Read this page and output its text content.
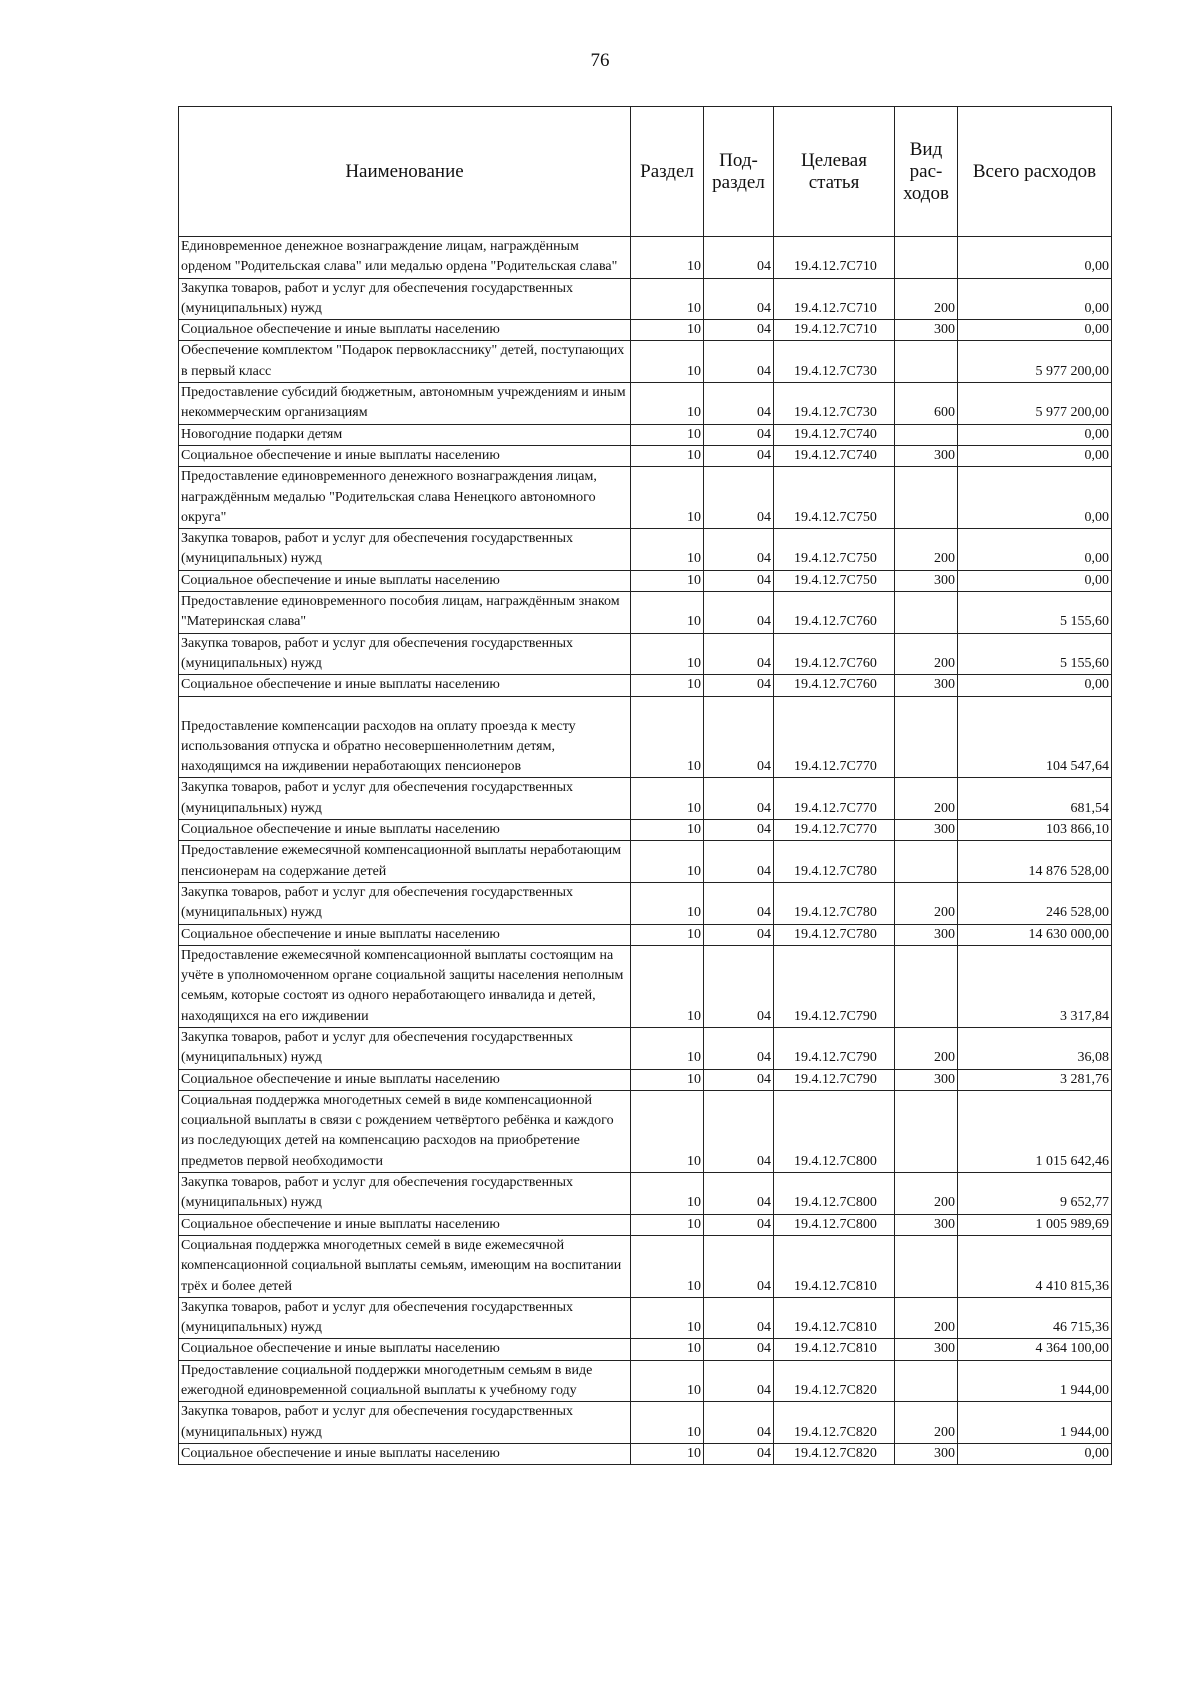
76
Наименование	Раздел	Под-раздел	Целевая статья	Вид рас-ходов	Всего расходов
Единовременное денежное вознаграждение лицам, награждённым орденом "Родительская слава" или медалью ордена "Родительская слава"	10	04	19.4.12.7С710		0,00
Закупка товаров, работ и услуг для обеспечения государственных (муниципальных) нужд	10	04	19.4.12.7С710	200	0,00
Социальное обеспечение и иные выплаты населению	10	04	19.4.12.7С710	300	0,00
Обеспечение комплектом "Подарок первокласснику" детей, поступающих в первый класс	10	04	19.4.12.7С730		5 977 200,00
Предоставление субсидий бюджетным, автономным учреждениям и иным некоммерческим организациям	10	04	19.4.12.7С730	600	5 977 200,00
Новогодние подарки детям	10	04	19.4.12.7С740		0,00
Социальное обеспечение и иные выплаты населению	10	04	19.4.12.7С740	300	0,00
Предоставление единовременного денежного вознаграждения лицам, награждённым медалью "Родительская слава Ненецкого автономного округа"	10	04	19.4.12.7С750		0,00
Закупка товаров, работ и услуг для обеспечения государственных (муниципальных) нужд	10	04	19.4.12.7С750	200	0,00
Социальное обеспечение и иные выплаты населению	10	04	19.4.12.7С750	300	0,00
Предоставление единовременного пособия лицам, награждённым знаком "Материнская слава"	10	04	19.4.12.7С760		5 155,60
Закупка товаров, работ и услуг для обеспечения государственных (муниципальных) нужд	10	04	19.4.12.7С760	200	5 155,60
Социальное обеспечение и иные выплаты населению	10	04	19.4.12.7С760	300	0,00
Предоставление компенсации расходов на оплату проезда к месту использования отпуска и обратно несовершеннолетним детям, находящимся на иждивении неработающих пенсионеров	10	04	19.4.12.7С770		104 547,64
Закупка товаров, работ и услуг для обеспечения государственных (муниципальных) нужд	10	04	19.4.12.7С770	200	681,54
Социальное обеспечение и иные выплаты населению	10	04	19.4.12.7С770	300	103 866,10
Предоставление ежемесячной компенсационной выплаты неработающим пенсионерам на содержание детей	10	04	19.4.12.7С780		14 876 528,00
Закупка товаров, работ и услуг для обеспечения государственных (муниципальных) нужд	10	04	19.4.12.7С780	200	246 528,00
Социальное обеспечение и иные выплаты населению	10	04	19.4.12.7С780	300	14 630 000,00
Предоставление ежемесячной компенсационной выплаты состоящим на учёте в уполномоченном органе социальной защиты населения неполным семьям, которые состоят из одного неработающего инвалида и детей, находящихся на его иждивении	10	04	19.4.12.7С790		3 317,84
Закупка товаров, работ и услуг для обеспечения государственных (муниципальных) нужд	10	04	19.4.12.7С790	200	36,08
Социальное обеспечение и иные выплаты населению	10	04	19.4.12.7С790	300	3 281,76
Социальная поддержка многодетных семей в виде компенсационной социальной выплаты в связи с рождением четвёртого ребёнка и каждого из последующих детей на компенсацию расходов на приобретение предметов первой необходимости	10	04	19.4.12.7С800		1 015 642,46
Закупка товаров, работ и услуг для обеспечения государственных (муниципальных) нужд	10	04	19.4.12.7С800	200	9 652,77
Социальное обеспечение и иные выплаты населению	10	04	19.4.12.7С800	300	1 005 989,69
Социальная поддержка многодетных семей в виде ежемесячной компенсационной социальной выплаты семьям, имеющим на воспитании трёх и более детей	10	04	19.4.12.7С810		4 410 815,36
Закупка товаров, работ и услуг для обеспечения государственных (муниципальных) нужд	10	04	19.4.12.7С810	200	46 715,36
Социальное обеспечение и иные выплаты населению	10	04	19.4.12.7С810	300	4 364 100,00
Предоставление социальной поддержки многодетным семьям в виде ежегодной единовременной социальной выплаты к учебному году	10	04	19.4.12.7С820		1 944,00
Закупка товаров, работ и услуг для обеспечения государственных (муниципальных) нужд	10	04	19.4.12.7С820	200	1 944,00
Социальное обеспечение и иные выплаты населению	10	04	19.4.12.7С820	300	0,00
